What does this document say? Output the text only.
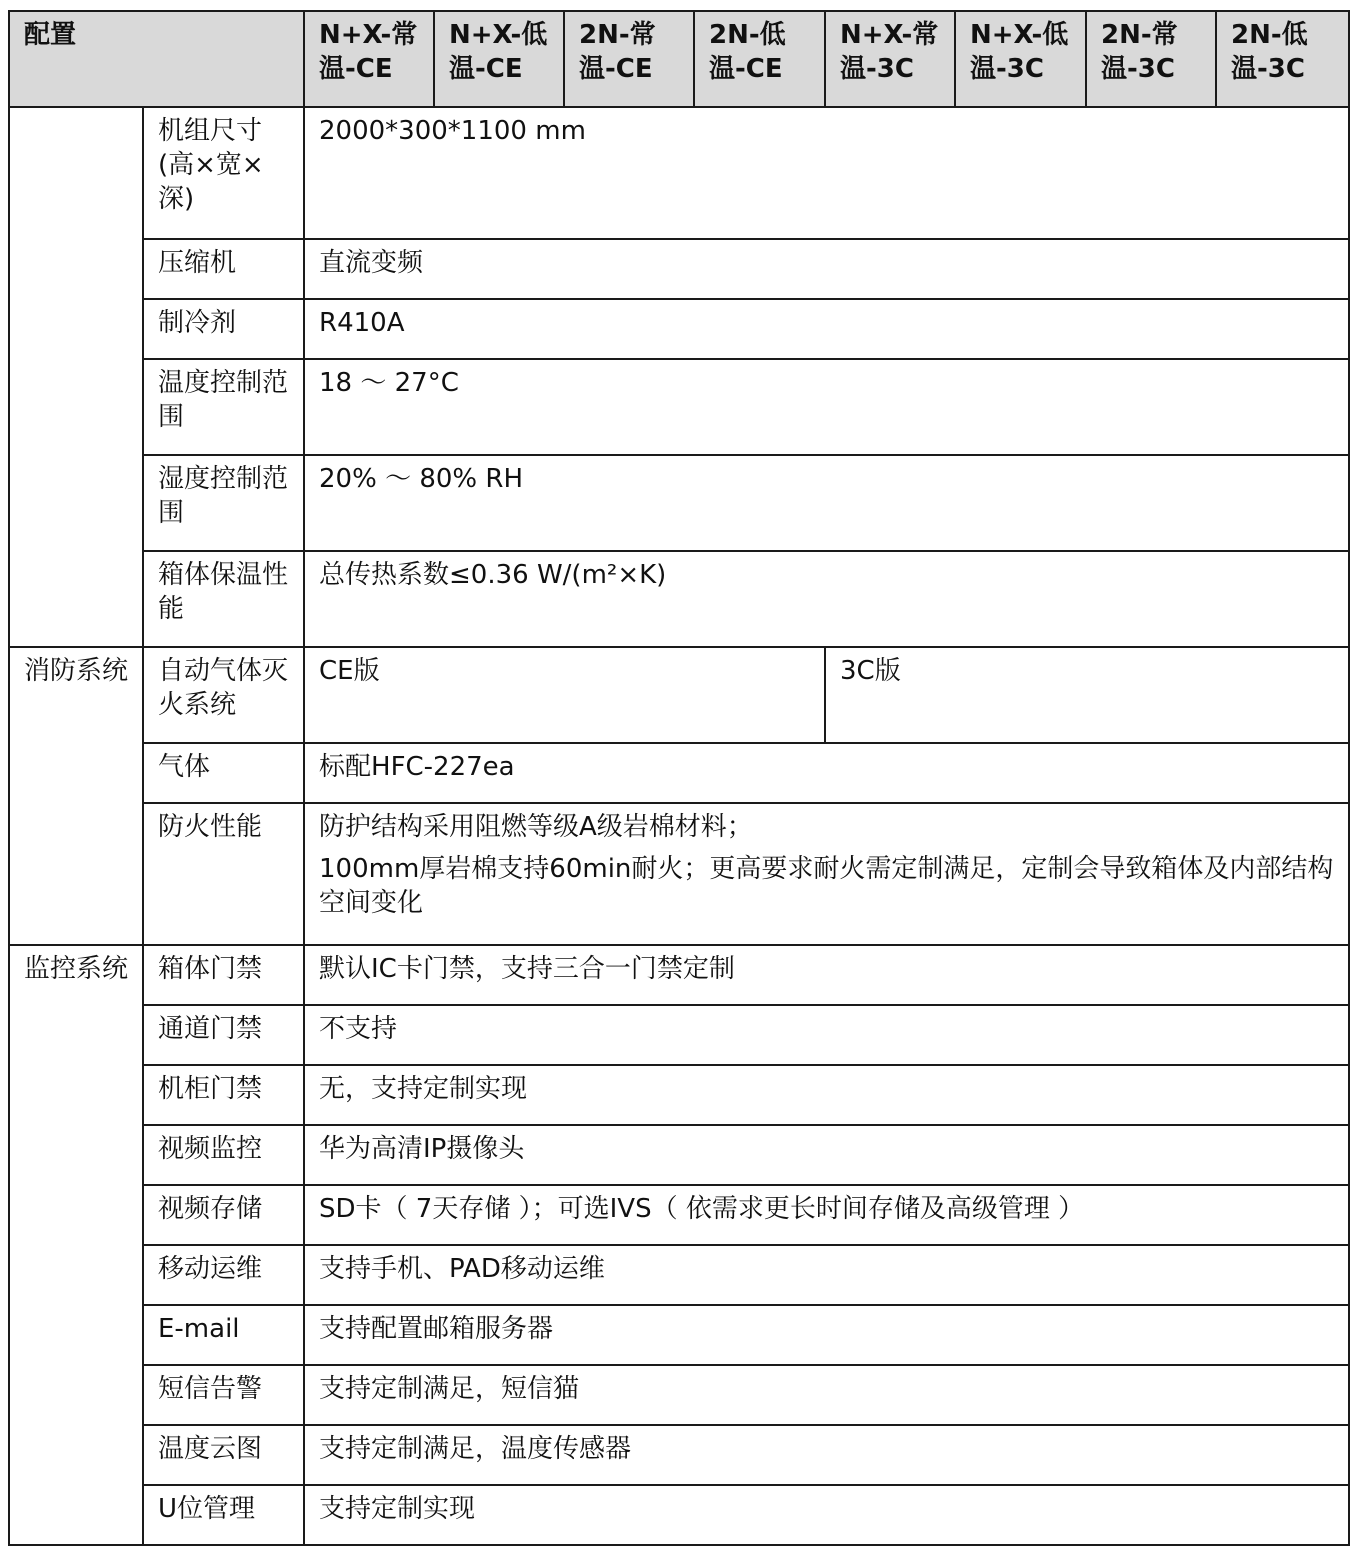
配置		N+X-常温-CE	N+X-低温-CE	2N-常温-CE	2N-低温-CE	N+X-常温-3C	N+X-低温-3C	2N-常温-3C	2N-低温-3C
	机组尺寸(高×宽×深)	2000*300*1100 mm							
	压缩机	直流变频							
	制冷剂	R410A							
	温度控制范围	18 ～ 27°C							
	湿度控制范围	20% ～ 80% RH							
	箱体保温性能	总传热系数≤0.36 W/(m²×K)							
消防系统	自动气体灭火系统	CE版				3C版			
	气体	标配HFC-227ea							
	防火性能	防护结构采用阻燃等级A级岩棉材料；

100mm厚岩棉支持60min耐火；更高要求耐火需定制满足，定制会导致箱体及内部结构空间变化							

监控系统	箱体门禁	默认IC卡门禁，支持三合一门禁定制							
	通道门禁	不支持							
	机柜门禁	无，支持定制实现							
	视频监控	华为高清IP摄像头							
	视频存储	SD卡（ 7天存储 ）；可选IVS（ 依需求更长时间存储及高级管理 ）							
	移动运维	支持手机、PAD移动运维							
	E-mail	支持配置邮箱服务器							
	短信告警	支持定制满足，短信猫							
	温度云图	支持定制满足，温度传感器							
	U位管理	支持定制实现							
